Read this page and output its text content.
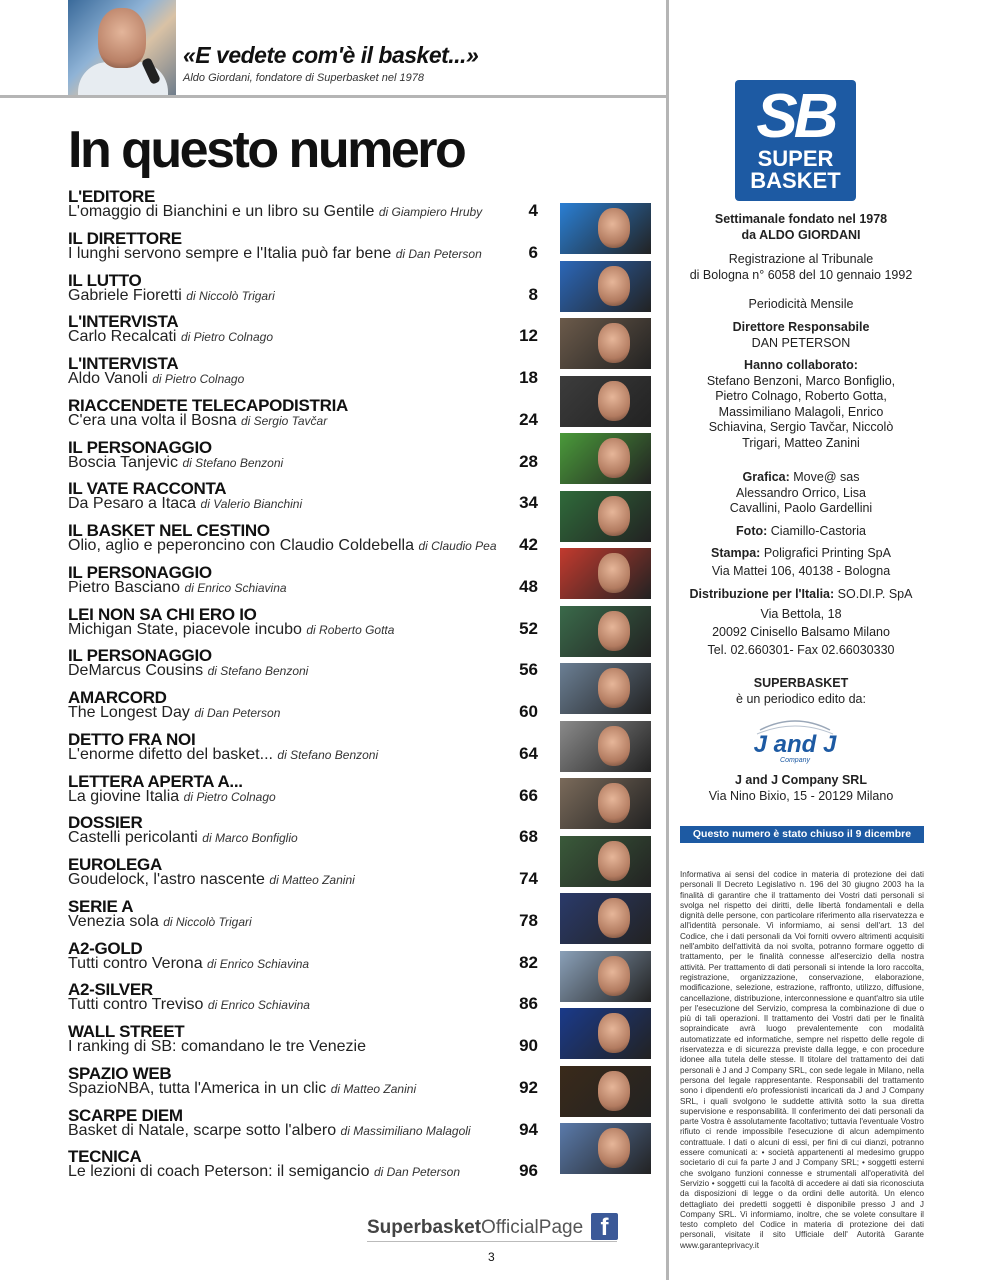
«E vedete com'è il basket...»
Aldo Giordani, fondatore di Superbasket nel 1978
In questo numero
L'EDITORE
L'omaggio di Bianchini e un libro su Gentile di Giampiero Hruby	4
IL DIRETTORE
I lunghi servono sempre e l'Italia può far bene di Dan Peterson	6
IL LUTTO
Gabriele Fioretti di Niccolò Trigari	8
L'INTERVISTA
Carlo Recalcati di Pietro Colnago	12
L'INTERVISTA
Aldo Vanoli di Pietro Colnago	18
RIACCENDETE TELECAPODISTRIA
C'era una volta il Bosna di Sergio Tavčar	24
IL PERSONAGGIO
Boscia Tanjevic di Stefano Benzoni	28
IL VATE RACCONTA
Da Pesaro a Itaca di Valerio Bianchini	34
IL BASKET NEL CESTINO
Olio, aglio e peperoncino con Claudio Coldebella di Claudio Pea	42
IL PERSONAGGIO
Pietro Basciano di Enrico Schiavina	48
LEI NON SA CHI ERO IO
Michigan State, piacevole incubo di Roberto Gotta	52
IL PERSONAGGIO
DeMarcus Cousins di Stefano Benzoni	56
AMARCORD
The Longest Day di Dan Peterson	60
DETTO FRA NOI
L'enorme difetto del basket... di Stefano Benzoni	64
LETTERA APERTA A...
La giovine Italia di Pietro Colnago	66
DOSSIER
Castelli pericolanti di Marco Bonfiglio	68
EUROLEGA
Goudelock, l'astro nascente di Matteo Zanini	74
SERIE A
Venezia sola di Niccolò Trigari	78
A2-GOLD
Tutti contro Verona di Enrico Schiavina	82
A2-SILVER
Tutti contro Treviso di Enrico Schiavina	86
WALL STREET
I ranking di SB: comandano le tre Venezie	90
SPAZIO WEB
SpazioNBA, tutta l'America in un clic di Matteo Zanini	92
SCARPE DIEM
Basket di Natale, scarpe sotto l'albero di Massimiliano Malagoli	94
TECNICA
Le lezioni di coach Peterson: il semigancio di Dan Peterson	96
SuperbasketOfficialPage f
3
SB
SUPER
BASKET
Settimanale fondato nel 1978
da ALDO GIORDANI
Registrazione al Tribunale
di Bologna n° 6058 del 10 gennaio 1992
Periodicità Mensile
Direttore Responsabile
DAN PETERSON
Hanno collaborato:
Stefano Benzoni, Marco Bonfiglio, Pietro Colnago, Roberto Gotta, Massimiliano Malagoli, Enrico Schiavina, Sergio Tavčar, Niccolò Trigari, Matteo Zanini
Grafica: Move@ sas
Alessandro Orrico, Lisa Cavallini, Paolo Gardellini
Foto: Ciamillo-Castoria
Stampa: Poligrafici Printing SpA
Via Mattei 106, 40138 - Bologna
Distribuzione per l'Italia: SO.DI.P. SpA
Via Bettola, 18
20092 Cinisello Balsamo Milano
Tel. 02.660301- Fax 02.66030330
SUPERBASKET
è un periodico edito da:
J and J
Company
J and J Company SRL
Via Nino Bixio, 15 - 20129 Milano
Questo numero è stato chiuso il 9 dicembre 2014
Informativa ai sensi del codice in materia di protezione dei dati personali Il Decreto Legislativo n. 196 del 30 giugno 2003 ha la finalità di garantire che il trattamento dei Vostri dati personali si svolga nel rispetto dei diritti, delle libertà fondamentali e della dignità delle persone, con particolare riferimento alla riservatezza e all'identità personale. Vi informiamo, ai sensi dell'art. 13 del Codice, che i dati personali da Voi forniti ovvero altrimenti acquisiti nell'ambito dell'attività da noi svolta, potranno formare oggetto di trattamento, per le finalità connesse all'esercizio della nostra attività. Per trattamento di dati personali si intende la loro raccolta, registrazione, organizzazione, conservazione, elaborazione, modificazione, selezione, estrazione, raffronto, utilizzo, diffusione, cancellazione, distribuzione, interconnessione e quant'altro sia utile per l'esecuzione del Servizio, compresa la combinazione di due o più di tali operazioni. Il trattamento dei Vostri dati per le finalità sopraindicate avrà luogo prevalentemente con modalità automatizzate ed informatiche, sempre nel rispetto delle regole di riservatezza e di sicurezza previste dalla legge, e con procedure idonee alla tutela delle stesse. Il titolare del trattamento dei dati personali è J and J Company SRL, con sede legale in Milano, nella persona del legale rappresentante. Responsabili del trattamento sono i dipendenti e/o professionisti incaricati da J and J Company SRL, i quali svolgono le suddette attività sotto la sua diretta supervisione e responsabilità. Il conferimento dei dati personali da parte Vostra è assolutamente facoltativo; tuttavia l'eventuale Vostro rifiuto ci rende impossibile l'esecuzione di alcun adempimento contrattuale. I dati o alcuni di essi, per fini di cui dianzi, potranno essere comunicati a: • società appartenenti al medesimo gruppo societario di cui fa parte J and J Company SRL; • soggetti esterni che svolgano funzioni connesse e strumentali all'operatività del Servizio • soggetti cui la facoltà di accedere ai dati sia riconosciuta da disposizioni di legge o da ordini delle autorità. Un elenco dettagliato dei predetti soggetti è disponibile presso J and J Company SRL. Vi informiamo, inoltre, che se volete consultare il testo completo del Codice in materia di protezione dei dati personali, visitate il sito Ufficiale dell' Autorità Garante www.garanteprivacy.it
